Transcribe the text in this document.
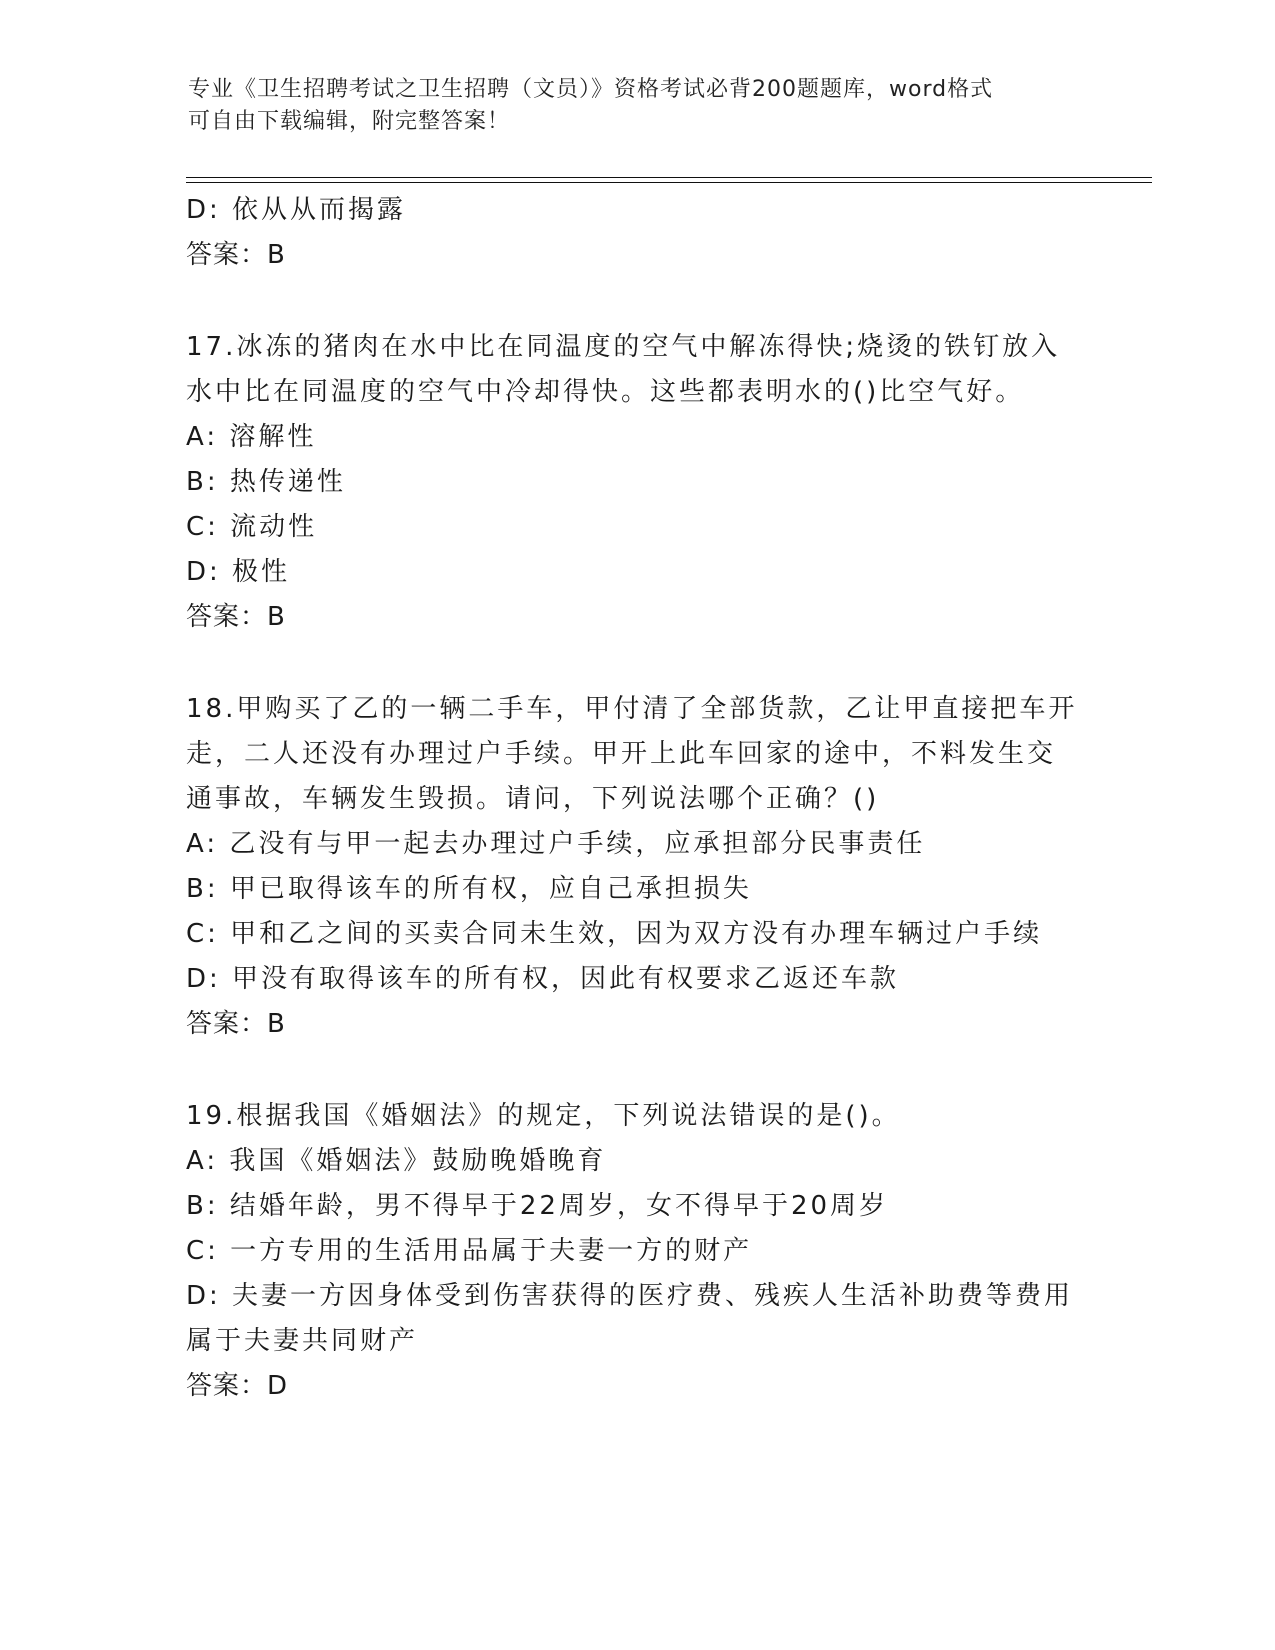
专业《卫生招聘考试之卫生招聘（文员）》资格考试必背200题题库，word格式
可自由下载编辑，附完整答案！
D: 依从从而揭露
答案：B
17.冰冻的猪肉在水中比在同温度的空气中解冻得快;烧烫的铁钉放入
水中比在同温度的空气中冷却得快。这些都表明水的()比空气好。
A: 溶解性
B: 热传递性
C: 流动性
D: 极性
答案：B
18.甲购买了乙的一辆二手车，甲付清了全部货款，乙让甲直接把车开
走，二人还没有办理过户手续。甲开上此车回家的途中，不料发生交
通事故，车辆发生毁损。请问，下列说法哪个正确？()
A: 乙没有与甲一起去办理过户手续，应承担部分民事责任
B: 甲已取得该车的所有权，应自己承担损失
C: 甲和乙之间的买卖合同未生效，因为双方没有办理车辆过户手续
D: 甲没有取得该车的所有权，因此有权要求乙返还车款
答案：B
19.根据我国《婚姻法》的规定，下列说法错误的是()。
A: 我国《婚姻法》鼓励晚婚晚育
B: 结婚年龄，男不得早于22周岁，女不得早于20周岁
C: 一方专用的生活用品属于夫妻一方的财产
D: 夫妻一方因身体受到伤害获得的医疗费、残疾人生活补助费等费用
属于夫妻共同财产
答案：D
